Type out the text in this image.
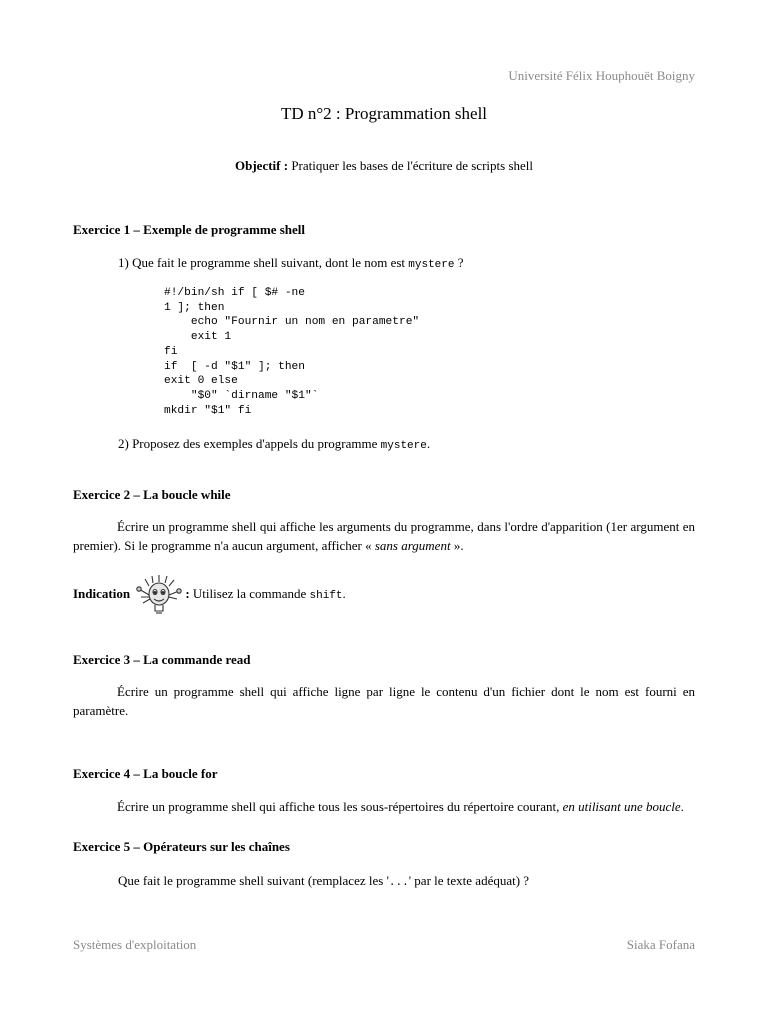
Université Félix Houphouët Boigny
TD n°2 : Programmation shell
Objectif : Pratiquer les bases de l'écriture de scripts shell
Exercice 1 – Exemple de programme shell
1) Que fait le programme shell suivant, dont le nom est mystere ?
#!/bin/sh if [ $# -ne
1 ]; then
echo "Fournir un nom en parametre"
exit 1
fi
if  [ -d "$1" ]; then
exit 0 else
"$0" `dirname "$1"`
mkdir "$1" fi
2) Proposez des exemples d'appels du programme mystere.
Exercice 2 – La boucle while
Écrire un programme shell qui affiche les arguments du programme, dans l'ordre d'apparition (1er argument en premier). Si le programme n'a aucun argument, afficher « sans argument ».
Indication	: Utilisez la commande shift.
Exercice 3 – La commande read
Écrire un programme shell qui affiche ligne par ligne le contenu d'un fichier dont le nom est fourni en paramètre.
Exercice 4 – La boucle for
Écrire un programme shell qui affiche tous les sous-répertoires du répertoire courant, en utilisant une boucle.
Exercice 5 – Opérateurs sur les chaînes
Que fait le programme shell suivant (remplacez les '...' par le texte adéquat) ?
Systèmes d'exploitation	Siaka Fofana
